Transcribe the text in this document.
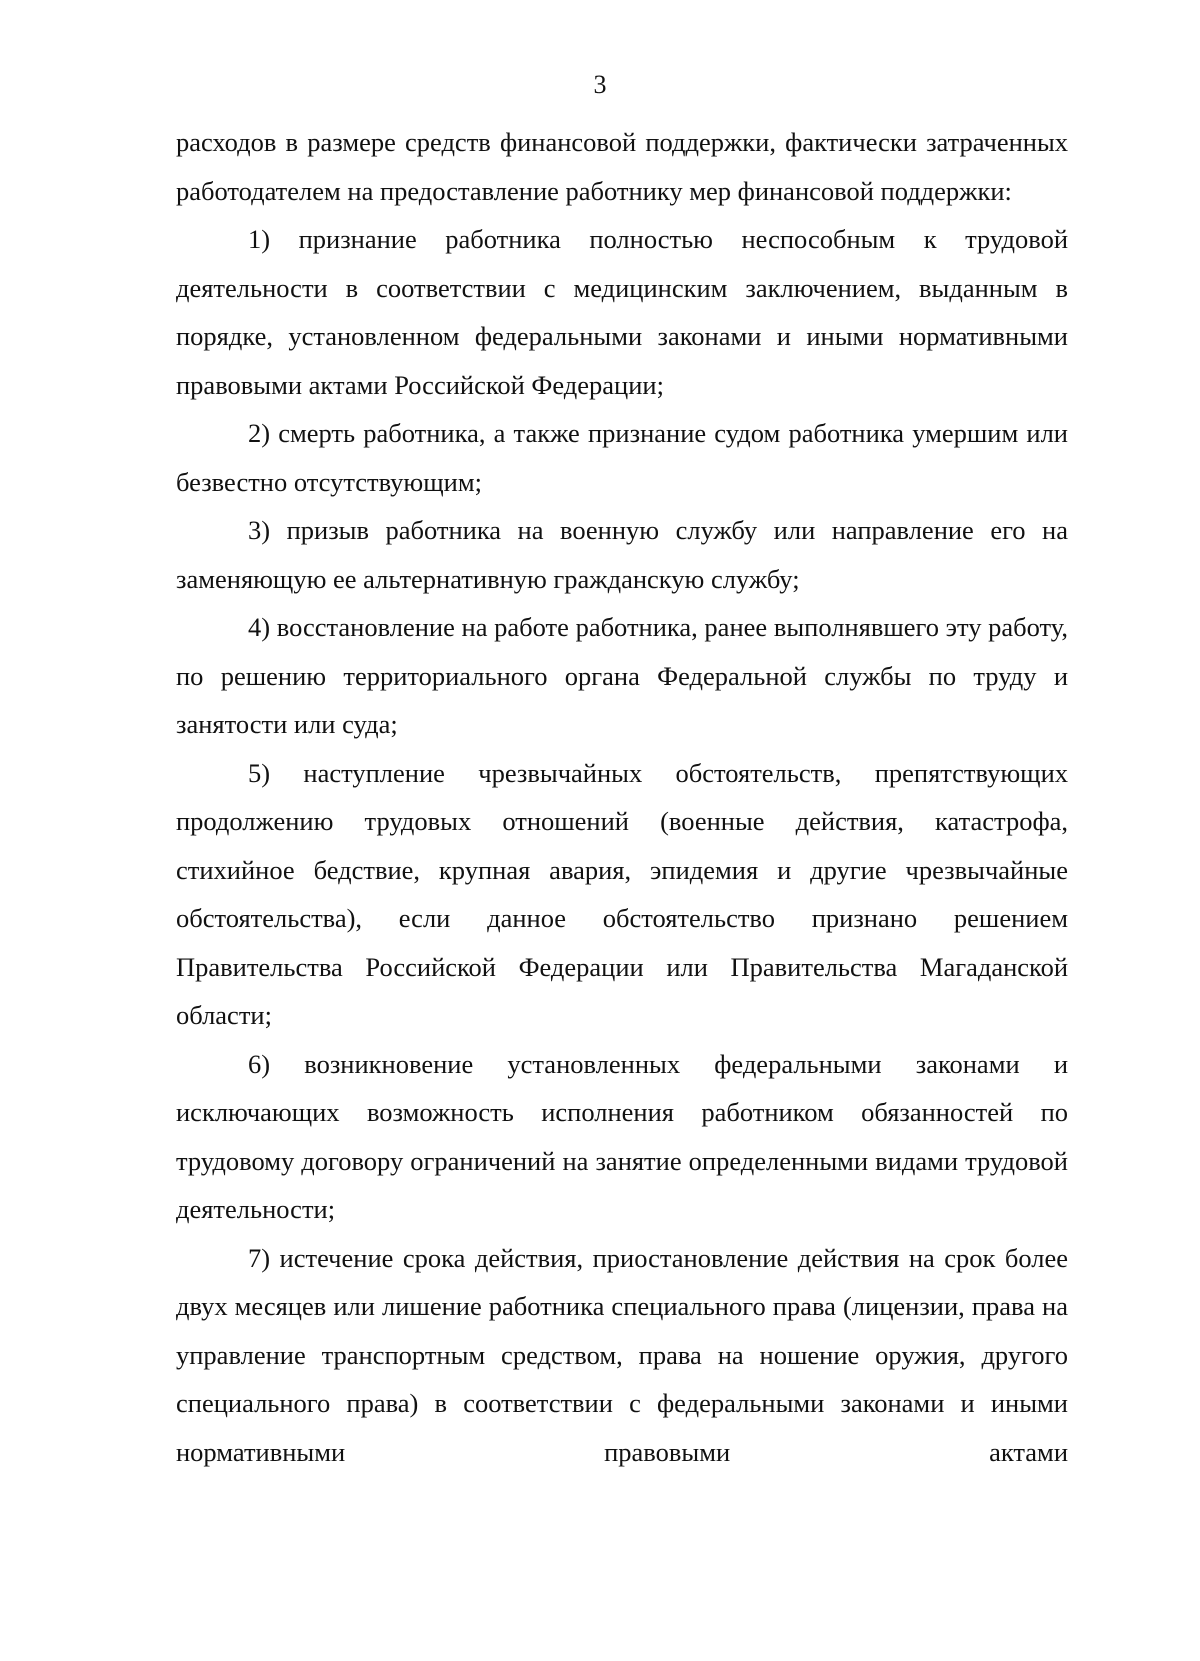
3

расходов в размере средств финансовой поддержки, фактически затраченных работодателем на предоставление работнику мер финансовой поддержки:

1) признание работника полностью неспособным к трудовой деятельности в соответствии с медицинским заключением, выданным в порядке, установленном федеральными законами и иными нормативными правовыми актами Российской Федерации;

2) смерть работника, а также признание судом работника умершим или безвестно отсутствующим;

3) призыв работника на военную службу или направление его на заменяющую ее альтернативную гражданскую службу;

4) восстановление на работе работника, ранее выполнявшего эту работу, по решению территориального органа Федеральной службы по труду и занятости или суда;

5) наступление чрезвычайных обстоятельств, препятствующих продолжению трудовых отношений (военные действия, катастрофа, стихийное бедствие, крупная авария, эпидемия и другие чрезвычайные обстоятельства), если данное обстоятельство признано решением Правительства Российской Федерации или Правительства Магаданской области;

6) возникновение установленных федеральными законами и исключающих возможность исполнения работником обязанностей по трудовому договору ограничений на занятие определенными видами трудовой деятельности;

7) истечение срока действия, приостановление действия на срок более двух месяцев или лишение работника специального права (лицензии, права на управление транспортным средством, права на ношение оружия, другого специального права) в соответствии с федеральными законами и иными нормативными правовыми актами
